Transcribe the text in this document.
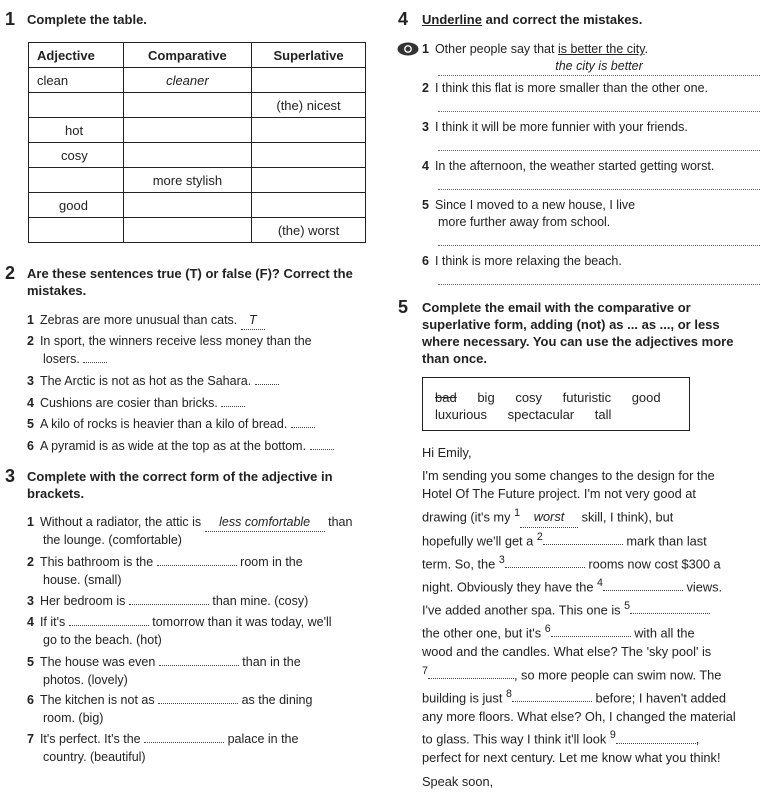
1 Complete the table.
Adjective	Comparative	Superlative
clean	cleaner	
		(the) nicest
hot		
cosy		
	more stylish	
good		
		(the) worst
2 Are these sentences true (T) or false (F)? Correct the mistakes.
1 Zebras are more unusual than cats. T
2 In sport, the winners receive less money than the
losers.
3 The Arctic is not as hot as the Sahara.
4 Cushions are cosier than bricks.
5 A kilo of rocks is heavier than a kilo of bread.
6 A pyramid is as wide at the top as at the bottom.
3 Complete with the correct form of the adjective in brackets.
1 Without a radiator, the attic is less comfortable than
the lounge. (comfortable)
2 This bathroom is the	room in the
house. (small)
3 Her bedroom is	than mine. (cosy)
4 If it's	tomorrow than it was today, we'll
go to the beach. (hot)
5 The house was even	than in the
photos. (lovely)
6 The kitchen is not as	as the dining
room. (big)
7 It's perfect. It's the	palace in the
country. (beautiful)
4 Underline and correct the mistakes.
1 Other people say that is better the city.
the city is better
2 I think this flat is more smaller than the other one.
3 I think it will be more funnier with your friends.
4 In the afternoon, the weather started getting worst.
5 Since I moved to a new house, I live
more further away from school.
6 I think is more relaxing the beach.
5 Complete the email with the comparative or
superlative form, adding (not) as ... as ..., or less
where necessary. You can use the adjectives more
than once.
bad big cosy futuristic good
luxurious spectacular tall
Hi Emily,
I'm sending you some changes to the design for the
Hotel Of The Future project. I'm not very good at
drawing (it's my $^1$ worst skill, I think), but
hopefully we'll get a $^2$	mark than last
term. So, the $^3$	rooms now cost $300 a
night. Obviously they have the $^4$	views.
I've added another spa. This one is $^5$
the other one, but it's $^6$	with all the
wood and the candles. What else? The 'sky pool' is
$^7$	, so more people can swim now. The
building is just $^8$	before; I haven't added
any more floors. What else? Oh, I changed the material
to glass. This way I think it'll look $^9$	,
perfect for next century. Let me know what you think!
Speak soon,
